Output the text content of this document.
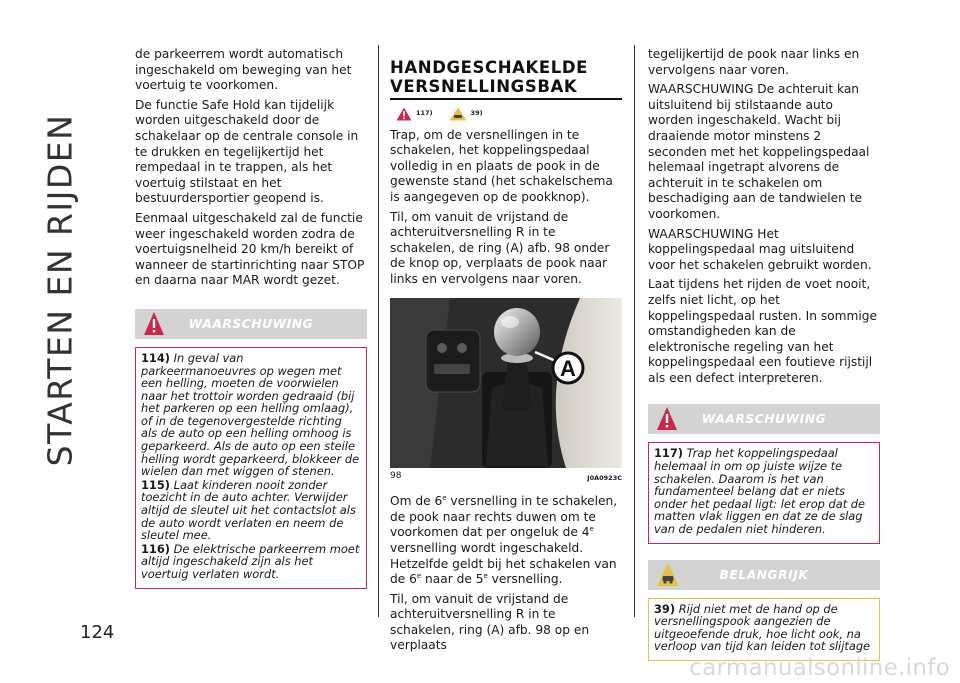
STARTEN EN RIJDEN
124

de parkeerrem wordt automatisch ingeschakeld om beweging van het voertuig te voorkomen.

De functie Safe Hold kan tijdelijk worden uitgeschakeld door de schakelaar op de centrale console in te drukken en tegelijkertijd het rempedaal in te trappen, als het voertuig stilstaat en het bestuurdersportier geopend is.

Eenmaal uitgeschakeld zal de functie weer ingeschakeld worden zodra de voertuigsnelheid 20 km/h bereikt of wanneer de startinrichting naar STOP en daarna naar MAR wordt gezet.

WAARSCHUWING

114) In geval van parkeermanoeuvres op wegen met een helling, moeten de voorwielen naar het trottoir worden gedraaid (bij het parkeren op een helling omlaag), of in de tegenovergestelde richting als de auto op een helling omhoog is geparkeerd. Als de auto op een steile helling wordt geparkeerd, blokkeer de wielen dan met wiggen of stenen.

115) Laat kinderen nooit zonder toezicht in de auto achter. Verwijder altijd de sleutel uit het contactslot als de auto wordt verlaten en neem de sleutel mee.

116) De elektrische parkeerrem moet altijd ingeschakeld zijn als het voertuig verlaten wordt.

HANDGESCHAKELDE
VERSNELLINGSBAK
117)	39)

Trap, om de versnellingen in te schakelen, het koppelingspedaal volledig in en plaats de pook in de gewenste stand (het schakelschema is aangegeven op de pookknop).

Til, om vanuit de vrijstand de achteruitversnelling R in te schakelen, de ring (A) afb. 98 onder de knop op, verplaats de pook naar links en vervolgens naar voren.

A
98	J0A0923C

Om de 6e versnelling in te schakelen, de pook naar rechts duwen om te voorkomen dat per ongeluk de 4e versnelling wordt ingeschakeld.
Hetzelfde geldt bij het schakelen van de 6e naar de 5e versnelling.

Til, om vanuit de vrijstand de achteruitversnelling R in te schakelen, ring (A) afb. 98 op en verplaats

tegelijkertijd de pook naar links en vervolgens naar voren.

WAARSCHUWING De achteruit kan uitsluitend bij stilstaande auto worden ingeschakeld. Wacht bij draaiende motor minstens 2 seconden met het koppelingspedaal helemaal ingetrapt alvorens de achteruit in te schakelen om beschadiging aan de tandwielen te voorkomen.

WAARSCHUWING Het koppelingspedaal mag uitsluitend voor het schakelen gebruikt worden.

Laat tijdens het rijden de voet nooit, zelfs niet licht, op het koppelingspedaal rusten. In sommige omstandigheden kan de elektronische regeling van het koppelingspedaal een foutieve rijstijl als een defect interpreteren.

WAARSCHUWING

117) Trap het koppelingspedaal helemaal in om op juiste wijze te schakelen. Daarom is het van fundamenteel belang dat er niets onder het pedaal ligt: let erop dat de matten vlak liggen en dat ze de slag van de pedalen niet hinderen.

BELANGRIJK

39) Rijd niet met de hand op de versnellingspook aangezien de uitgeoefende druk, hoe licht ook, na verloop van tijd kan leiden tot slijtage

carmanualsonline.info
